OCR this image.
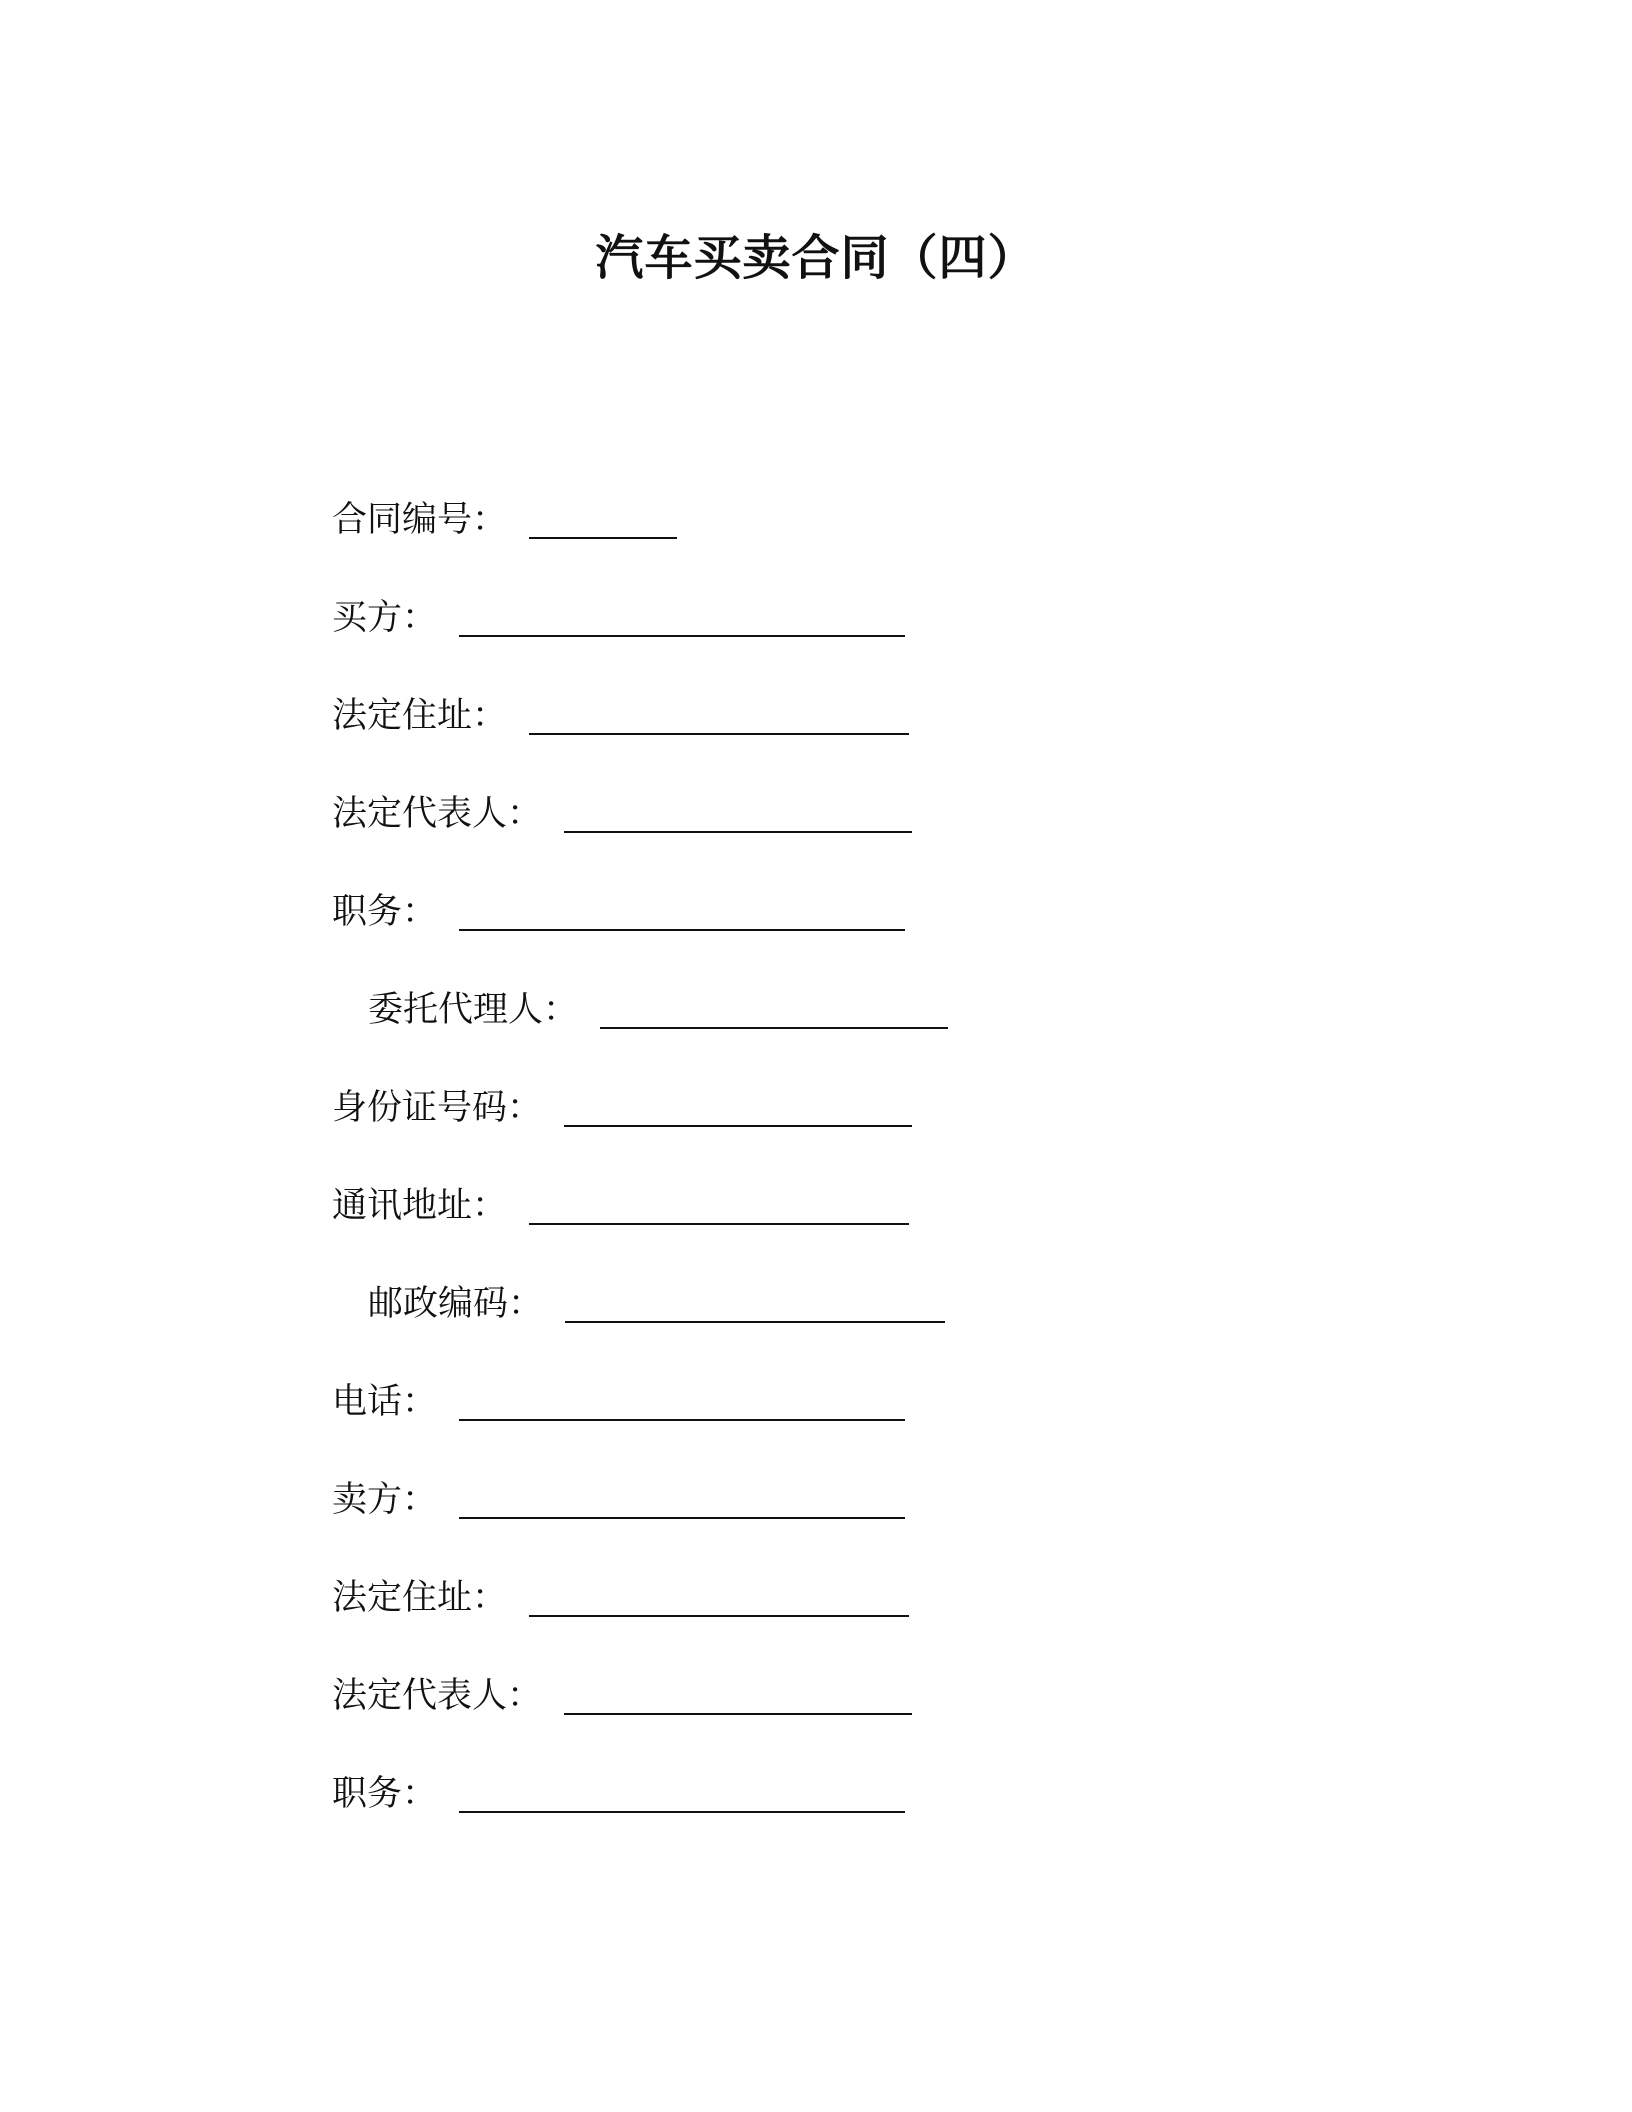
汽车买卖合同（四）
合同编号：
买方：
法定住址：
法定代表人：
职务：
委托代理人：
身份证号码：
通讯地址：
邮政编码：
电话：
卖方：
法定住址：
法定代表人：
职务：
